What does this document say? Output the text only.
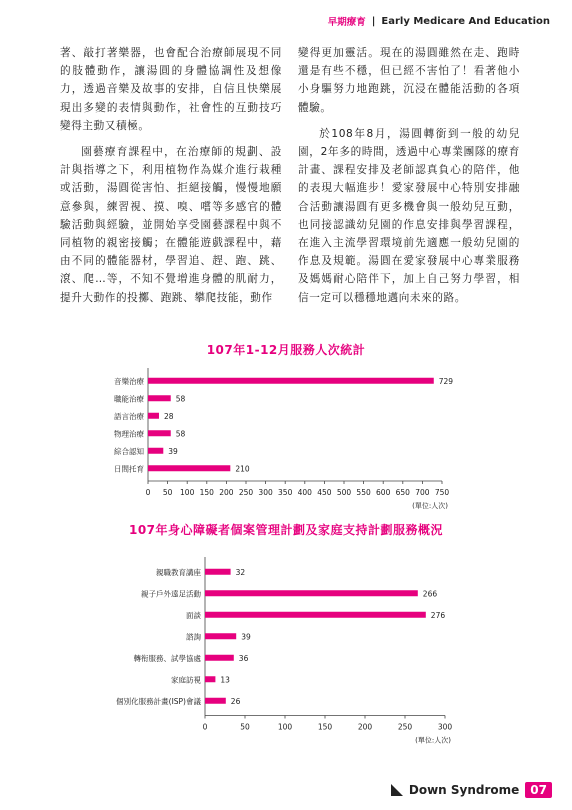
早期療育 | Early Medicare And Education

著、敲打著樂器，也會配合治療師展現不同的肢體動作，讓湯圓的身體協調性及想像力，透過音樂及故事的安排，自信且快樂展現出多變的表情與動作，社會性的互動技巧變得主動又積極。

園藝療育課程中，在治療師的規劃、設計與指導之下，利用植物作為媒介進行栽種或活動，湯圓從害怕、拒絕接觸，慢慢地願意參與，練習視、摸、嗅、嚐等多感官的體驗活動與經驗，並開始享受園藝課程中與不同植物的親密接觸；在體能遊戲課程中，藉由不同的體能器材，學習追、趕、跑、跳、滾、爬…等，不知不覺增進身體的肌耐力，提升大動作的投擲、跑跳、攀爬技能，動作

變得更加靈活。現在的湯圓雖然在走、跑時還是有些不穩，但已經不害怕了！看著他小小身驅努力地跑跳，沉浸在體能活動的各項體驗。

於108年8月，湯圓轉銜到一般的幼兒園，2年多的時間，透過中心專業團隊的療育計畫、課程安排及老師認真負心的陪伴，他的表現大幅進步！愛家發展中心特別安排融合活動讓湯圓有更多機會與一般幼兒互動，也同接認識幼兒園的作息安排與學習課程，在進入主流學習環境前先適應一般幼兒園的作息及規範。湯圓在愛家發展中心專業服務及媽媽耐心陪伴下，加上自己努力學習，相信一定可以穩穩地邁向未來的路。

107年1-12月服務人次統計
音樂治療	729
職能治療	58
語言治療	28
物理治療	58
綜合認知	39
日間托育	210
0 50 100 150 200 250 300 350 400 450 500 550 600 650 700 750
(單位:人次)
107年身心障礙者個案管理計劃及家庭支持計劃服務概況
親職教育講座	32
親子戶外遠足活動	266
面談	276
諮詢	39
轉衔服務、試學協處	36
家庭訪視	13
個別化服務計畫(ISP)會議	26
0	50	100	150	200	250	300
(單位:人次)
Down Syndrome 07
